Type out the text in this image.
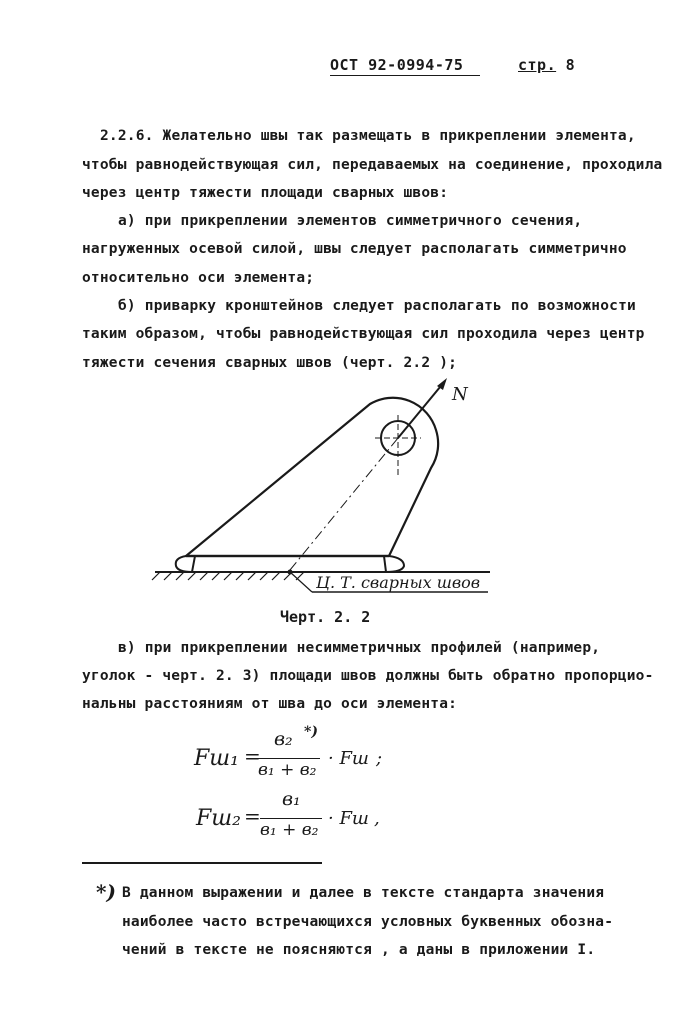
ОСТ 92-0994-75	стр. 8
2.2.6. Желательно швы так размещать в прикреплении элемента,
чтобы равнодействующая сил, передаваемых на соединение, проходила
через центр тяжести площади сварных швов:
а) при прикреплении элементов симметричного сечения,
нагруженных осевой силой, швы следует располагать симметрично
относительно оси элемента;
б) приварку кронштейнов следует располагать по возможности
таким образом, чтобы равнодействующая сил проходила через центр
тяжести сечения сварных швов (черт. 2.2 );
N
Ц. Т. сварных швов
Черт. 2. 2
в) при прикреплении несимметричных профилей (например,
уголок - черт. 2. 3) площади швов должны быть обратно пропорцио-
нальны расстояниям от шва до оси элемента:
Fш₁ =
в₂ *)
в₁ + в₂
· Fш ;
Fш₂ =
в₁
в₁ + в₂
· Fш ,
*) В данном выражении и далее в тексте стандарта значения
наиболее часто встречающихся условных буквенных обозна-
чений в тексте не поясняются , а даны в приложении I.
